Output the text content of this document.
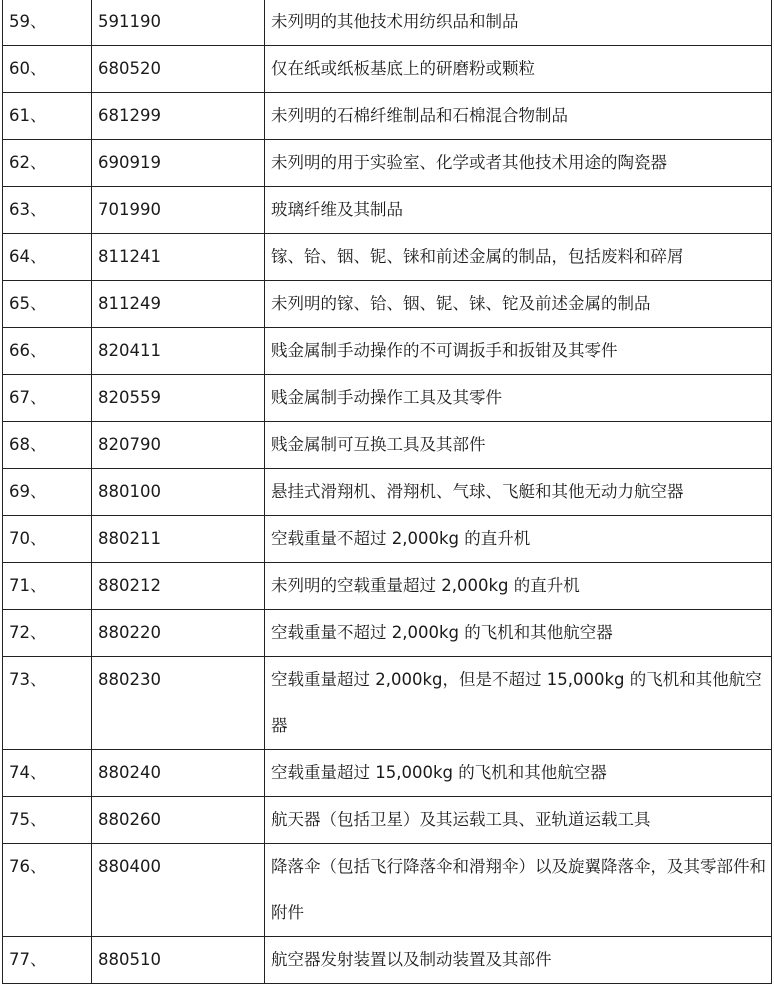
59、	591190	未列明的其他技术用纺织品和制品
60、	680520	仅在纸或纸板基底上的研磨粉或颗粒
61、	681299	未列明的石棉纤维制品和石棉混合物制品
62、	690919	未列明的用于实验室、化学或者其他技术用途的陶瓷器
63、	701990	玻璃纤维及其制品
64、	811241	镓、铪、铟、铌、铼和前述金属的制品，包括废料和碎屑
65、	811249	未列明的镓、铪、铟、铌、铼、铊及前述金属的制品
66、	820411	贱金属制手动操作的不可调扳手和扳钳及其零件
67、	820559	贱金属制手动操作工具及其零件
68、	820790	贱金属制可互换工具及其部件
69、	880100	悬挂式滑翔机、滑翔机、气球、飞艇和其他无动力航空器
70、	880211	空载重量不超过 2,000kg 的直升机
71、	880212	未列明的空载重量超过 2,000kg 的直升机
72、	880220	空载重量不超过 2,000kg 的飞机和其他航空器
73、	880230	空载重量超过 2,000kg，但是不超过 15,000kg 的飞机和其他航空器
74、	880240	空载重量超过 15,000kg 的飞机和其他航空器
75、	880260	航天器（包括卫星）及其运载工具、亚轨道运载工具
76、	880400	降落伞（包括飞行降落伞和滑翔伞）以及旋翼降落伞，及其零部件和附件
77、	880510	航空器发射装置以及制动装置及其部件
